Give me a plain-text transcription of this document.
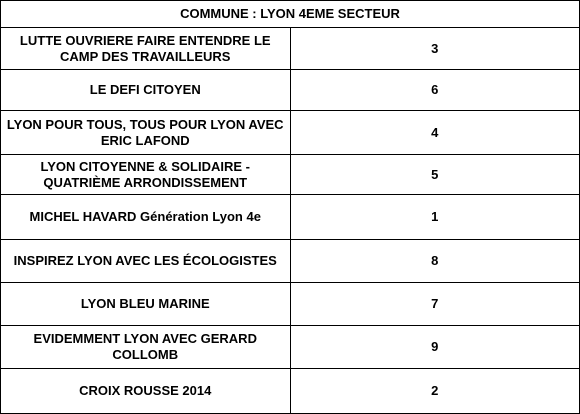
COMMUNE : LYON 4EME SECTEUR	
LUTTE OUVRIERE FAIRE ENTENDRE LE CAMP DES TRAVAILLEURS	3
LE DEFI CITOYEN	6
LYON POUR TOUS, TOUS POUR LYON AVEC ERIC LAFOND	4
LYON CITOYENNE & SOLIDAIRE - QUATRIÈME ARRONDISSEMENT	5
MICHEL HAVARD Génération Lyon 4e	1
INSPIREZ LYON AVEC LES ÉCOLOGISTES	8
LYON BLEU MARINE	7
EVIDEMMENT LYON AVEC GERARD COLLOMB	9
CROIX ROUSSE 2014	2
